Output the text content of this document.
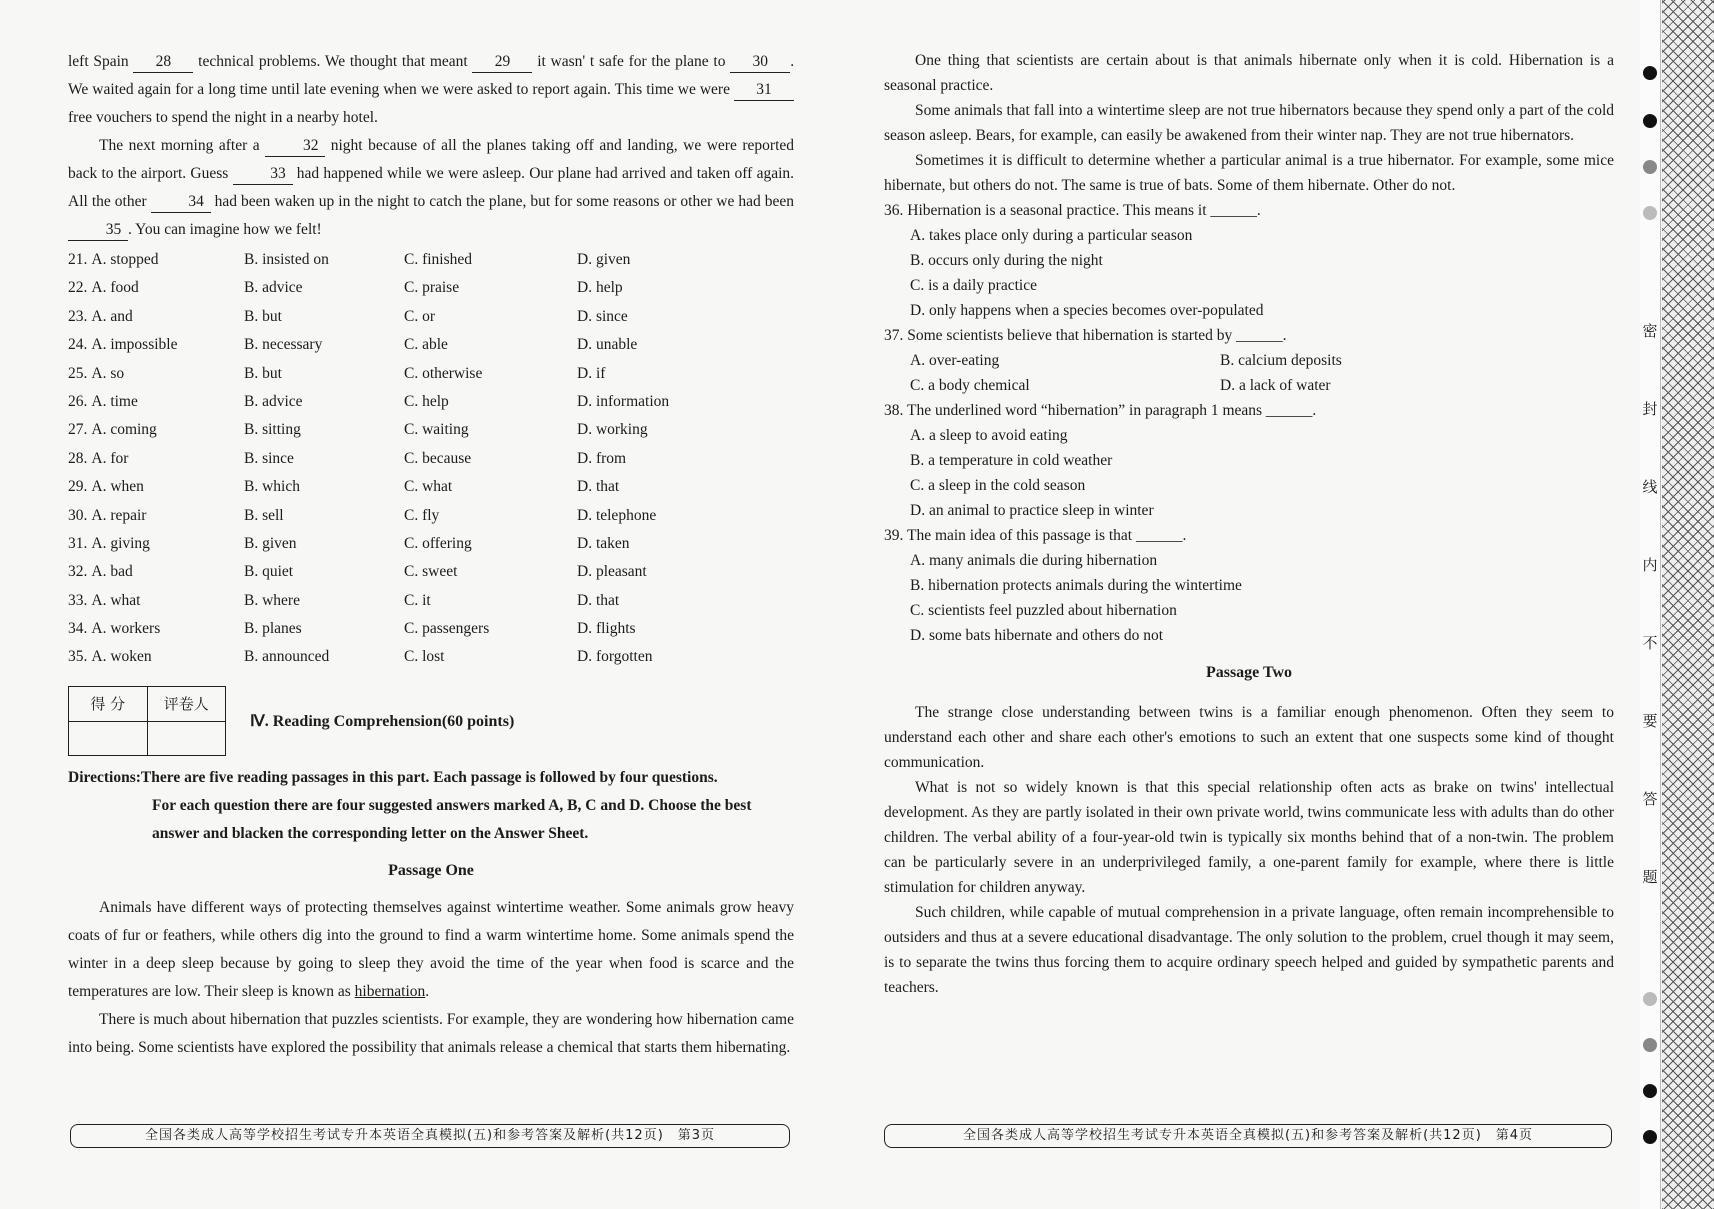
left Spain 28 technical problems. We thought that meant 29 it wasn' t safe for the plane to 30 . We waited again for a long time until late evening when we were asked to report again. This time we were 31 free vouchers to spend the night in a nearby hotel.

The next morning after a	32 night because of all the planes taking off and landing, we were reported back to the airport. Guess	33 had happened while we were asleep. Our plane had arrived and taken off again. All the other	34 had been waken up in the night to catch the plane, but for some reasons or other we had been 35 . You can imagine how we felt!

21. A. stopped	B. insisted on	C. finished	D. given
22. A. food	B. advice	C. praise	D. help
23. A. and	B. but	C. or	D. since
24. A. impossible	B. necessary	C. able	D. unable
25. A. so	B. but	C. otherwise	D. if
26. A. time	B. advice	C. help	D. information
27. A. coming	B. sitting	C. waiting	D. working
28. A. for	B. since	C. because	D. from
29. A. when	B. which	C. what	D. that
30. A. repair	B. sell	C. fly	D. telephone
31. A. giving	B. given	C. offering	D. taken
32. A. bad	B. quiet	C. sweet	D. pleasant
33. A. what	B. where	C. it	D. that
34. A. workers	B. planes	C. passengers	D. flights
35. A. woken	B. announced	C. lost	D. forgotten
得 分	评卷人

Ⅳ. Reading Comprehension(60 points)
Directions:There are five reading passages in this part. Each passage is followed by four questions.
For each question there are four suggested answers marked A, B, C and D. Choose the best answer and blacken the corresponding letter on the Answer Sheet.
Passage One

Animals have different ways of protecting themselves against wintertime weather. Some animals grow heavy coats of fur or feathers, while others dig into the ground to find a warm wintertime home. Some animals spend the winter in a deep sleep because by going to sleep they avoid the time of the year when food is scarce and the temperatures are low. Their sleep is known as hibernation.

There is much about hibernation that puzzles scientists. For example, they are wondering how hibernation came into being. Some scientists have explored the possibility that animals release a chemical that starts them hibernating.

全国各类成人高等学校招生考试专升本英语全真模拟(五)和参考答案及解析(共12页)　第3页

One thing that scientists are certain about is that animals hibernate only when it is cold. Hibernation is a seasonal practice.

Some animals that fall into a wintertime sleep are not true hibernators because they spend only a part of the cold season asleep. Bears, for example, can easily be awakened from their winter nap. They are not true hibernators.

Sometimes it is difficult to determine whether a particular animal is a true hibernator. For example, some mice hibernate, but others do not. The same is true of bats. Some of them hibernate. Other do not.

36. Hibernation is a seasonal practice. This means it ______.
A. takes place only during a particular season
B. occurs only during the night
C. is a daily practice
D. only happens when a species becomes over-populated
37. Some scientists believe that hibernation is started by ______.
A. over-eating	B. calcium deposits
C. a body chemical	D. a lack of water
38. The underlined word “hibernation” in paragraph 1 means ______.
A. a sleep to avoid eating
B. a temperature in cold weather
C. a sleep in the cold season
D. an animal to practice sleep in winter
39. The main idea of this passage is that ______.
A. many animals die during hibernation
B. hibernation protects animals during the wintertime
C. scientists feel puzzled about hibernation
D. some bats hibernate and others do not
Passage Two

The strange close understanding between twins is a familiar enough phenomenon. Often they seem to understand each other and share each other's emotions to such an extent that one suspects some kind of thought communication.

What is not so widely known is that this special relationship often acts as brake on twins' intellectual development. As they are partly isolated in their own private world, twins communicate less with adults than do other children. The verbal ability of a four-year-old twin is typically six months behind that of a non-twin. The problem can be particularly severe in an underprivileged family, a one-parent family for example, where there is little stimulation for children anyway.

Such children, while capable of mutual comprehension in a private language, often remain incomprehensible to outsiders and thus at a severe educational disadvantage. The only solution to the problem, cruel though it may seem, is to separate the twins thus forcing them to acquire ordinary speech helped and guided by sympathetic parents and teachers.

全国各类成人高等学校招生考试专升本英语全真模拟(五)和参考答案及解析(共12页)　第4页
密
封
线
内
不
要
答
题
